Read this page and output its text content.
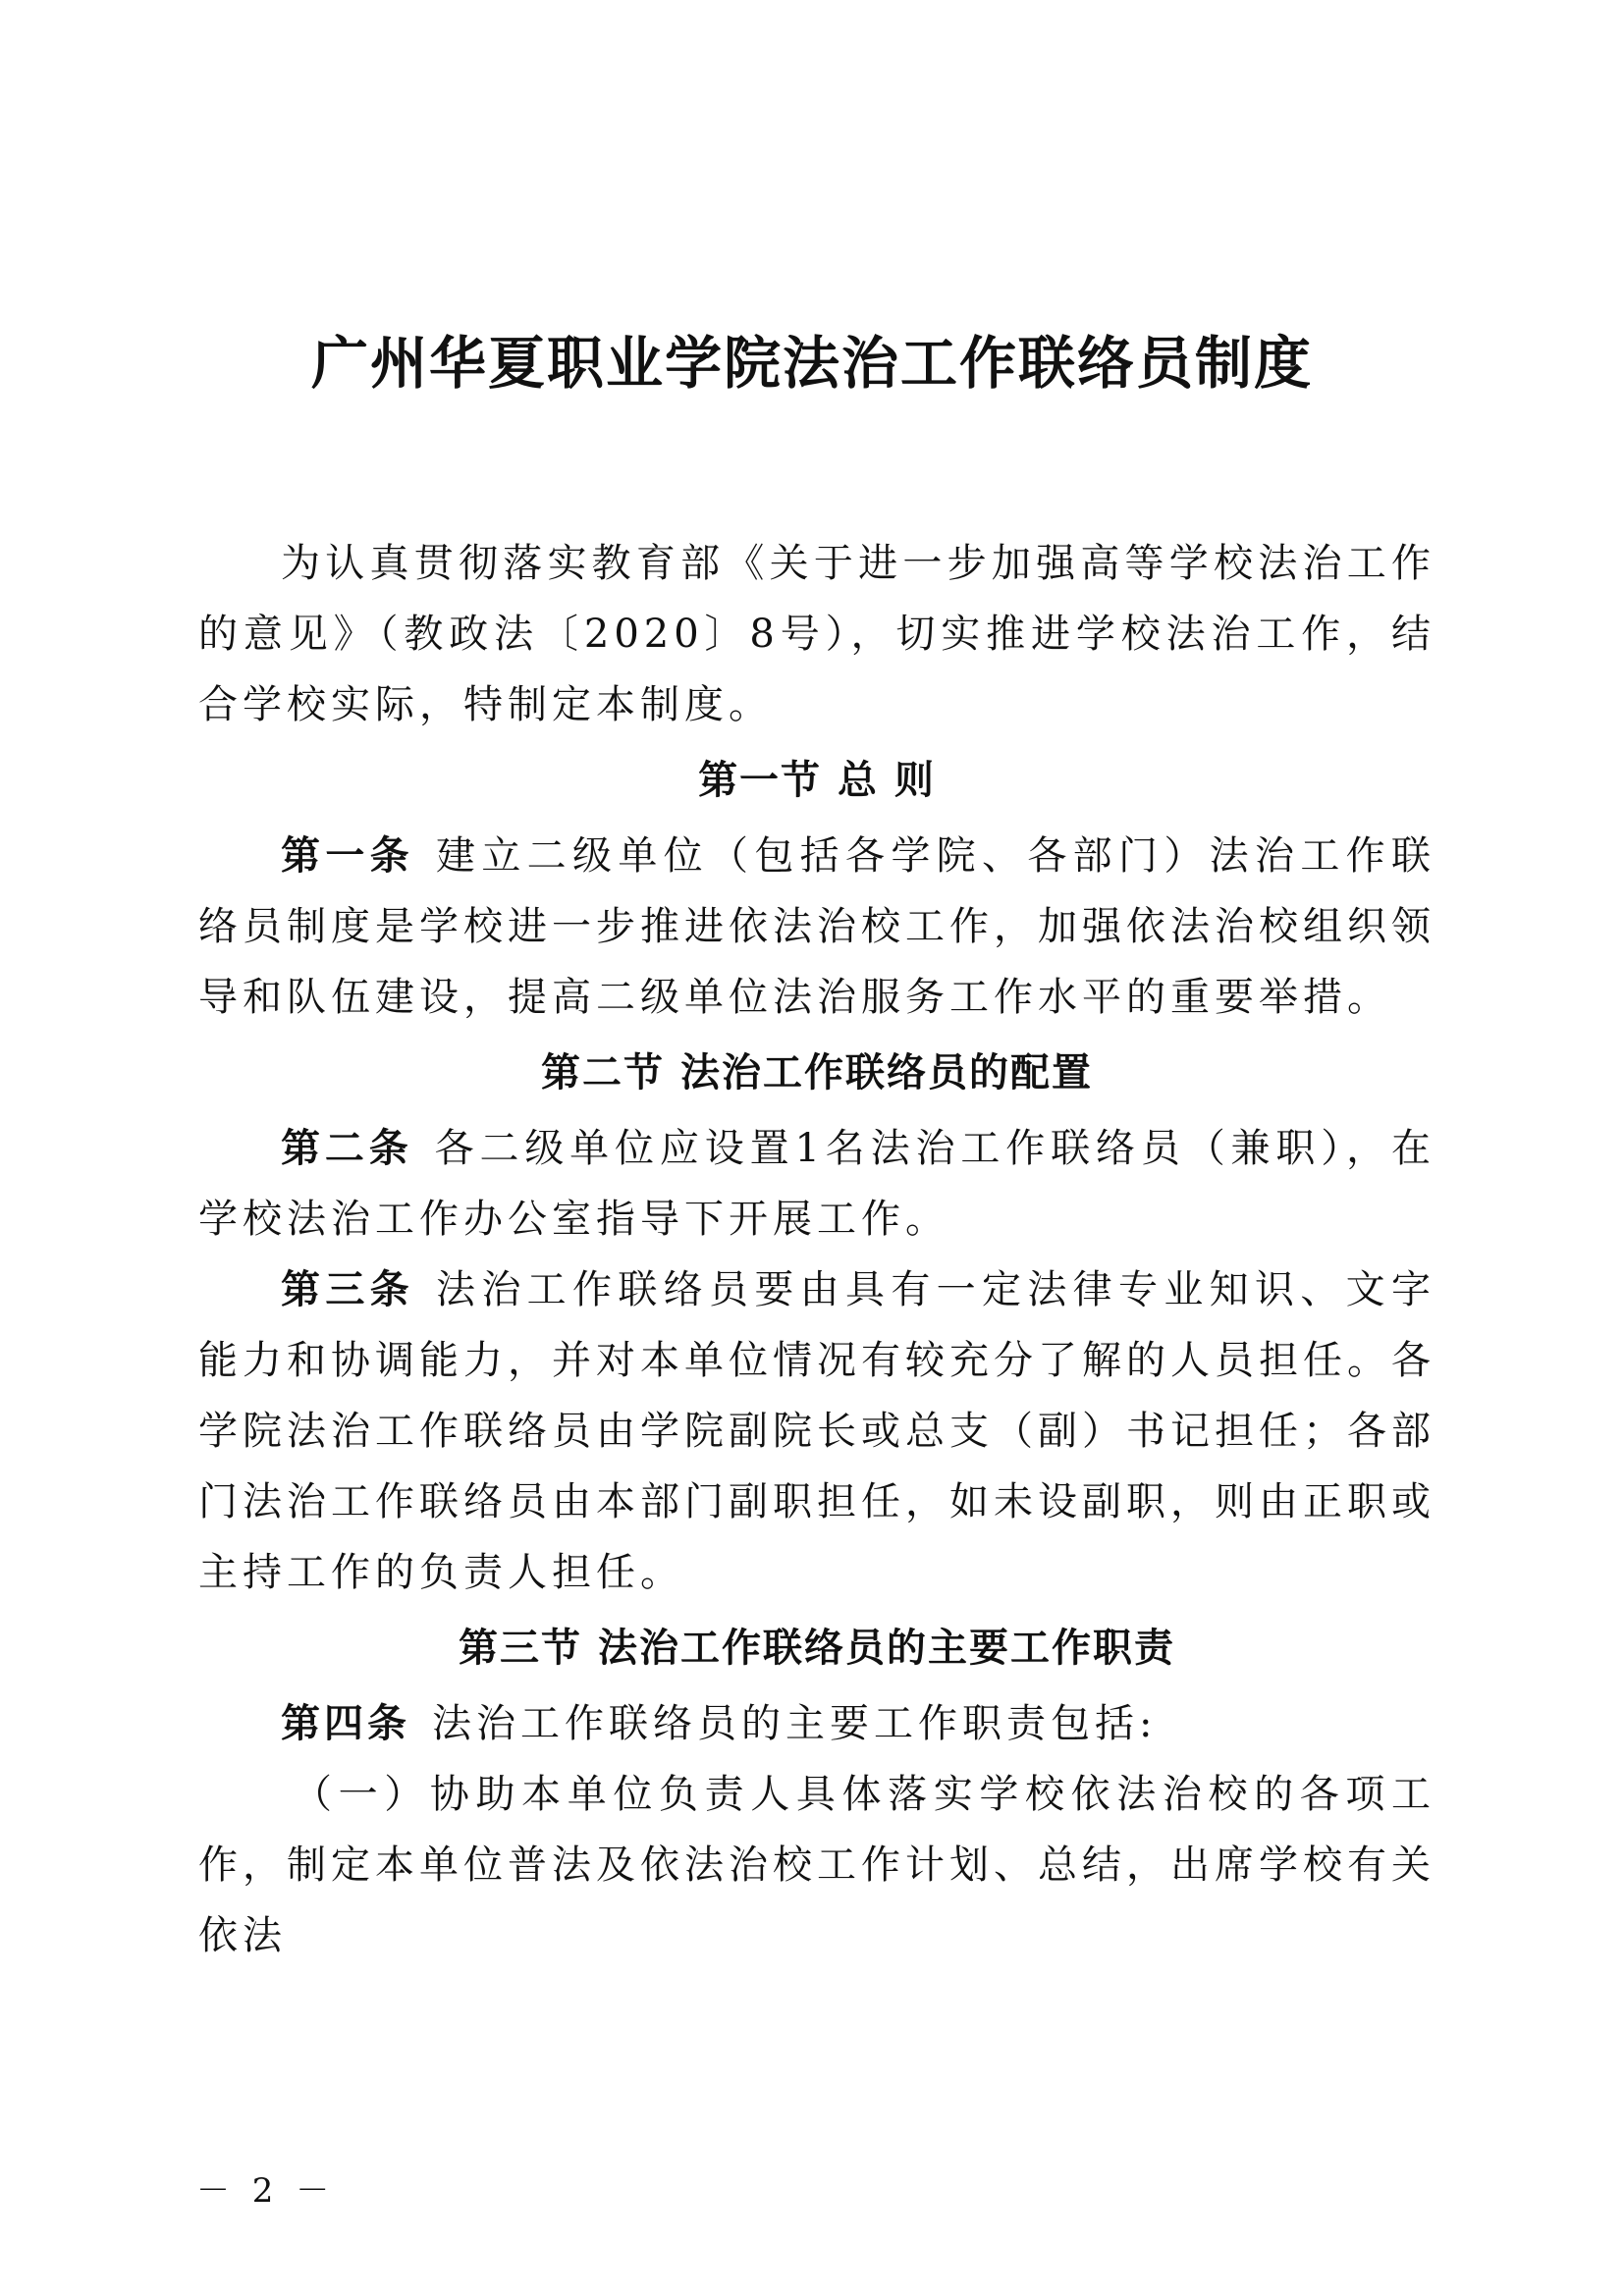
广州华夏职业学院法治工作联络员制度

为认真贯彻落实教育部《关于进一步加强高等学校法治工作的意见》（教政法〔2020〕8号），切实推进学校法治工作，结合学校实际，特制定本制度。

第一节 总 则

第一条 建立二级单位（包括各学院、各部门）法治工作联络员制度是学校进一步推进依法治校工作，加强依法治校组织领导和队伍建设，提高二级单位法治服务工作水平的重要举措。

第二节 法治工作联络员的配置

第二条 各二级单位应设置1名法治工作联络员（兼职），在学校法治工作办公室指导下开展工作。

第三条 法治工作联络员要由具有一定法律专业知识、文字能力和协调能力，并对本单位情况有较充分了解的人员担任。各学院法治工作联络员由学院副院长或总支（副）书记担任；各部门法治工作联络员由本部门副职担任，如未设副职，则由正职或主持工作的负责人担任。

第三节 法治工作联络员的主要工作职责

第四条 法治工作联络员的主要工作职责包括:

（一）协助本单位负责人具体落实学校依法治校的各项工作，制定本单位普法及依法治校工作计划、总结，出席学校有关依法

－ 2 －
